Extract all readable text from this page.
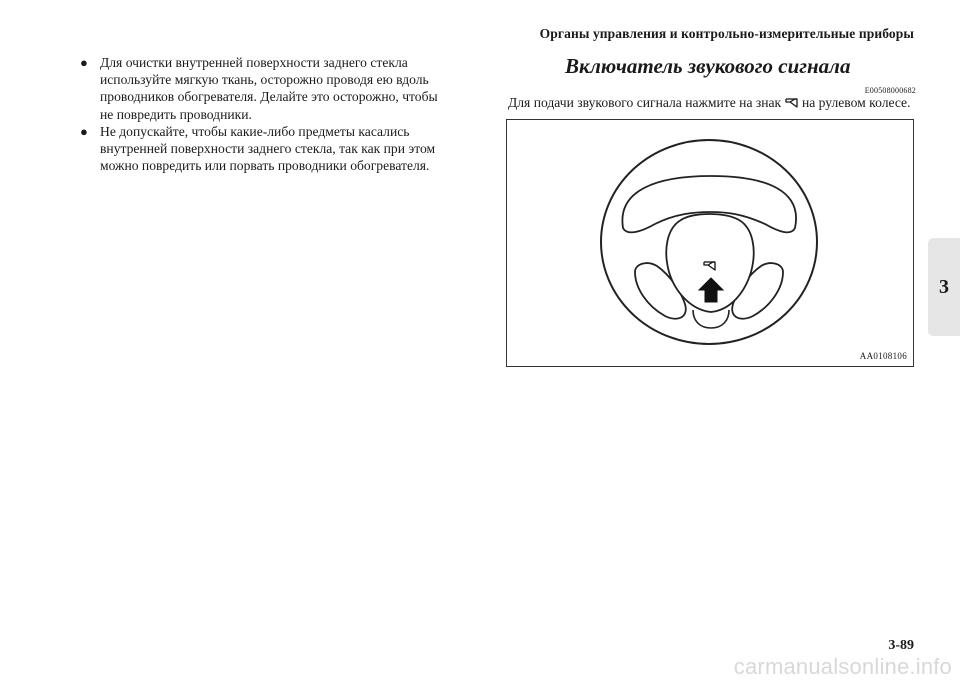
Органы управления и контрольно-измерительные приборы

● Для очистки внутренней поверхности заднего стекла используйте мягкую ткань, осторожно проводя ею вдоль проводников обогревателя. Делайте это осторожно, чтобы не повредить проводники.

● Не допускайте, чтобы какие-либо предметы касались внутренней поверхности заднего стекла, так как при этом можно повредить или порвать проводники обогревателя.

Включатель звукового сигнала
E00508000682
Для подачи звукового сигнала нажмите на знак на рулевом колесе.
AA0108106
3
3-89
carmanualsonline.info
